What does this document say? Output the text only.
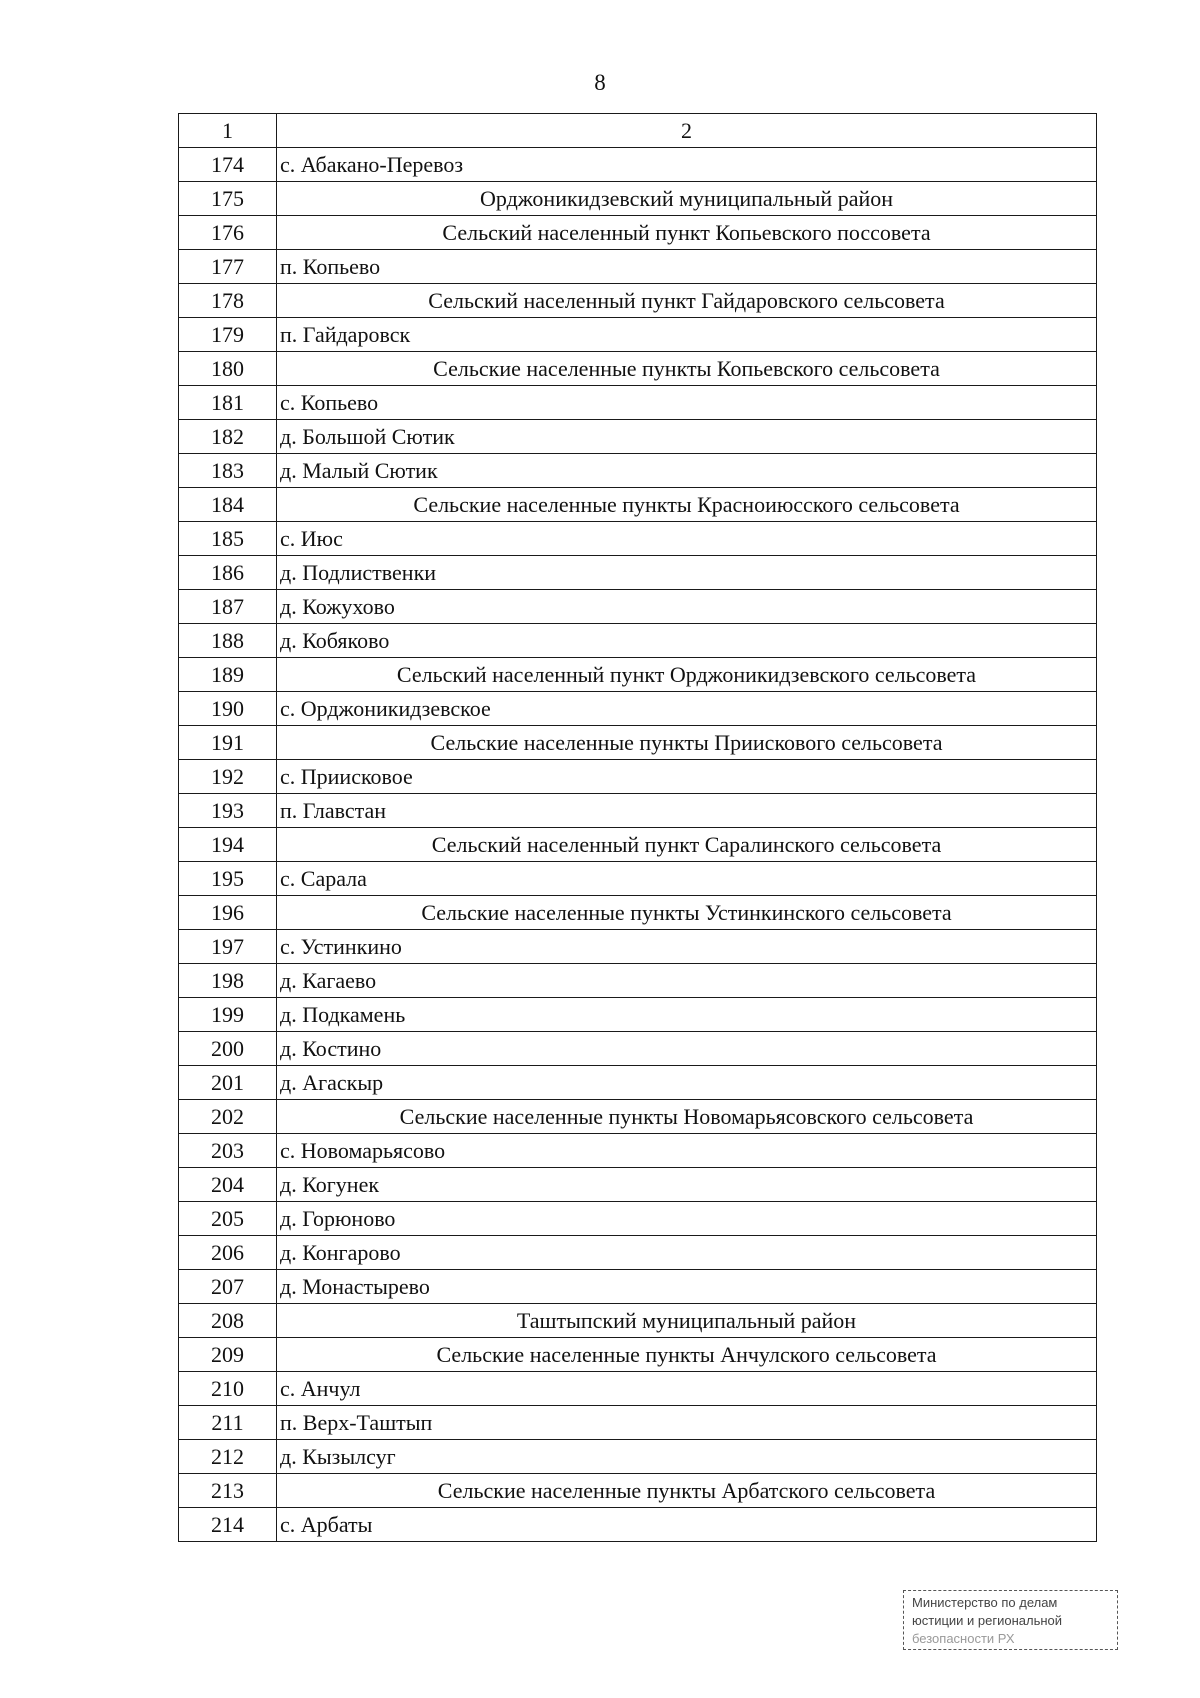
8
1	2
174	с. Абакано-Перевоз
175	Орджоникидзевский муниципальный район
176	Сельский населенный пункт Копьевского поссовета
177	п. Копьево
178	Сельский населенный пункт Гайдаровского сельсовета
179	п. Гайдаровск
180	Сельские населенные пункты Копьевского сельсовета
181	с. Копьево
182	д. Большой Сютик
183	д. Малый Сютик
184	Сельские населенные пункты Красноиюсского сельсовета
185	с. Июс
186	д. Подлиственки
187	д. Кожухово
188	д. Кобяково
189	Сельский населенный пункт Орджоникидзевского сельсовета
190	с. Орджоникидзевское
191	Сельские населенные пункты Приискового сельсовета
192	с. Приисковое
193	п. Главстан
194	Сельский населенный пункт Саралинского сельсовета
195	с. Сарала
196	Сельские населенные пункты Устинкинского сельсовета
197	с. Устинкино
198	д. Кагаево
199	д. Подкамень
200	д. Костино
201	д. Агаскыр
202	Сельские населенные пункты Новомарьясовского сельсовета
203	с. Новомарьясово
204	д. Когунек
205	д. Горюново
206	д. Конгарово
207	д. Монастырево
208	Таштыпский муниципальный район
209	Сельские населенные пункты Анчулского сельсовета
210	с. Анчул
211	п. Верх-Таштып
212	д. Кызылсуг
213	Сельские населенные пункты Арбатского сельсовета
214	с. Арбаты
Министерство по делам
юстиции и региональной
безопасности РХ
